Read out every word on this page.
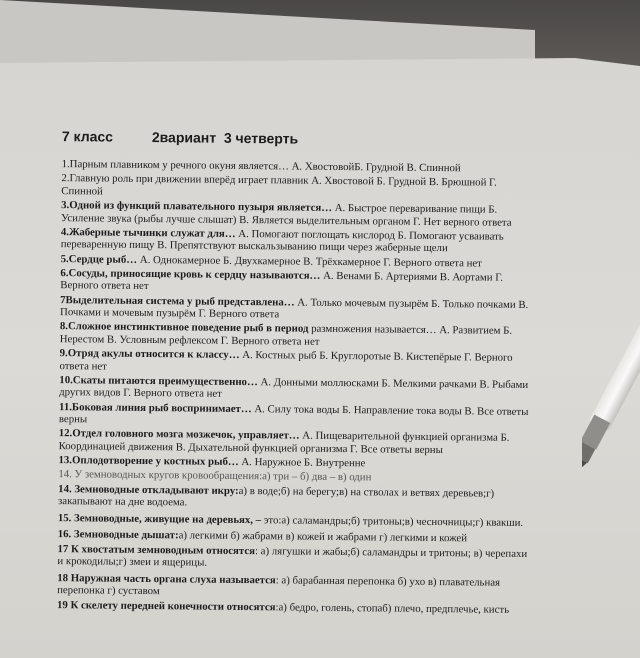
7 класс	2вариант 3 четверть
1.Парным плавником у речного окуня является… А. ХвостовойБ. Грудной В. Спинной
2.Главную роль при движении вперёд играет плавник А. Хвостовой Б. Грудной В. Брюшной Г. Спинной
3.Одной из функций плавательного пузыря является… А. Быстрое переваривание пищи Б. Усиление звука (рыбы лучше слышат) В. Является выделительным органом Г. Нет верного ответа
4.Жаберные тычинки служат для… А. Помогают поглощать кислород Б. Помогают усваивать переваренную пищу В. Препятствуют выскальзыванию пищи через жаберные щели
5.Сердце рыб… А. Однокамерное Б. Двухкамерное В. Трёхкамерное Г. Верного ответа нет
6.Сосуды, приносящие кровь к сердцу называются… А. Венами Б. Артериями В. Аортами Г. Верного ответа нет
7Выделительная система у рыб представлена… А. Только мочевым пузырём Б. Только почками В. Почками и мочевым пузырём Г. Верного ответа
8.Сложное инстинктивное поведение рыб в период размножения называется… А. Развитием Б. Нерестом В. Условным рефлексом Г. Верного ответа нет
9.Отряд акулы относится к классу… А. Костных рыб Б. Круглоротые В. Кистепёрые Г. Верного ответа нет
10.Скаты питаются преимущественно… А. Донными моллюсками Б. Мелкими рачками В. Рыбами других видов Г. Верного ответа нет
11.Боковая линия рыб воспринимает… А. Силу тока воды Б. Направление тока воды В. Все ответы верны
12.Отдел головного мозга мозжечок, управляет… А. Пищеварительной функцией организма Б. Координацией движения В. Дыхательной функцией организма Г. Все ответы верны
13.Оплодотворение у костных рыб… А. Наружное Б. Внутренне
14. У земноводных кругов кровообращения:а) три – б) два – в) один
14. Земноводные откладывают икру:а) в воде;б) на берегу;в) на стволах и ветвях деревьев;г) закапывают на дне водоема.
15. Земноводные, живущие на деревьях, – это:а) саламандры;б) тритоны;в) чесночницы;г) квакши.
16. Земноводные дышат:а) легкими б) жабрами в) кожей и жабрами г) легкими и кожей
17 К хвостатым земноводным относятся: а) лягушки и жабы;б) саламандры и тритоны; в) черепахи и крокодилы;г) змеи и ящерицы.
18 Наружная часть органа слуха называется: а) барабанная перепонка б) ухо в) плавательная перепонка г) суставом
19 К скелету передней конечности относятся:а) бедро, голень, стопаб) плечо, предплечье, кисть
